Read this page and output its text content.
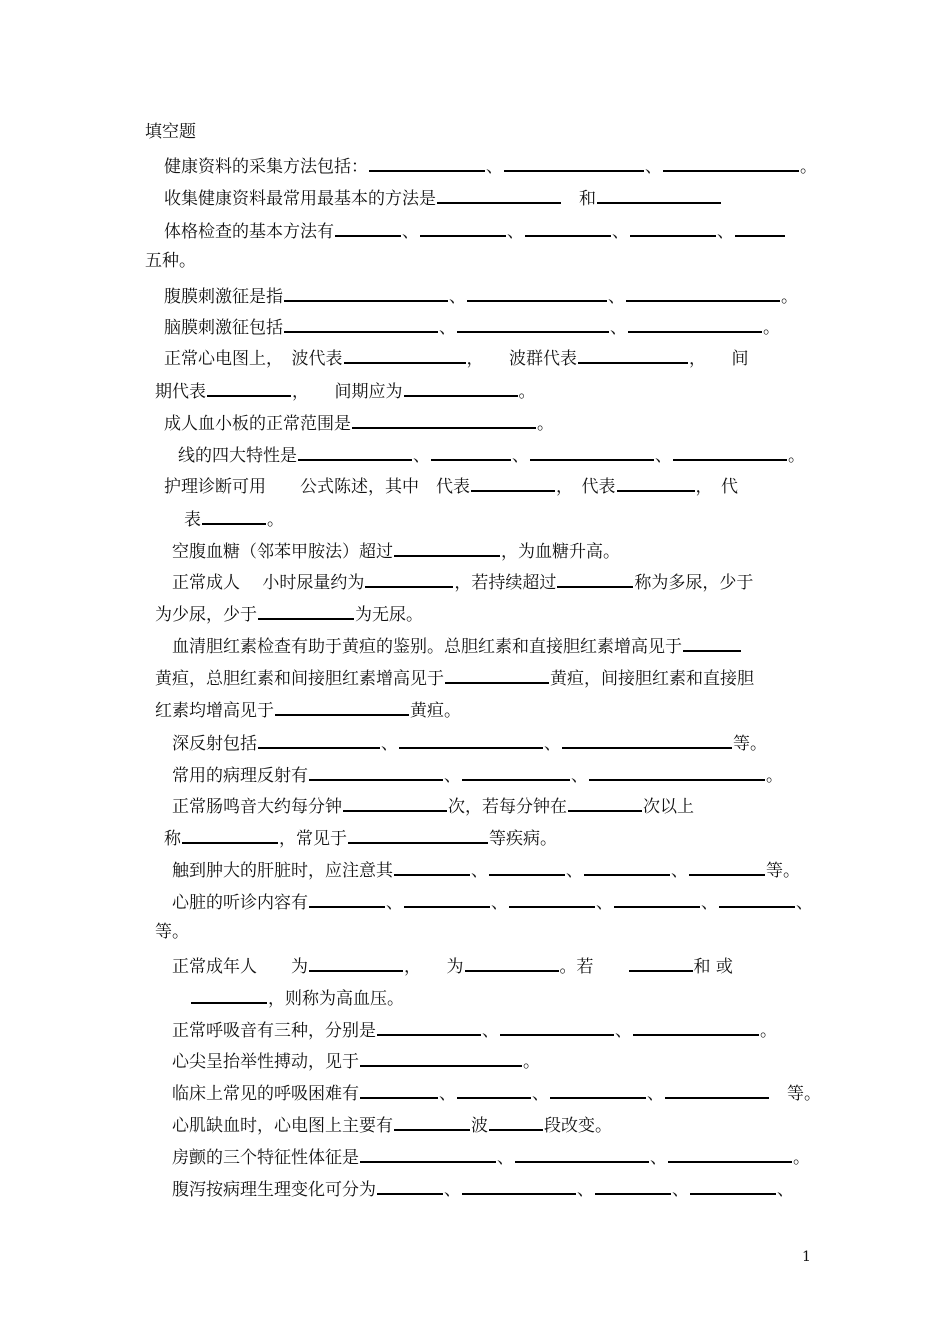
填空题
健康资料的采集方法包括：	、	、	。
收集健康资料最常用最基本的方法是	　和
体格检查的基本方法有	、	、	、	、
五种。
腹膜刺激征是指	、	、	。
脑膜刺激征包括	、	、	。
正常心电图上，　波代表	，　　波群代表	，　　间
期代表	，　　间期应为	。
成人血小板的正常范围是	。
线的四大特性是	、	、	、	。
护理诊断可用　　公式陈述，其中　代表	，　代表	，　代
表	。
空腹血糖（邻苯甲胺法）超过	，为血糖升高。
正常成人　 小时尿量约为	，若持续超过	称为多尿，少于
为少尿，少于	为无尿。
血清胆红素检查有助于黄疸的鉴别。总胆红素和直接胆红素增高见于
黄疸，总胆红素和间接胆红素增高见于	黄疸，间接胆红素和直接胆
红素均增高见于	黄疸。
深反射包括	、	、	等。
常用的病理反射有	、	、	。
正常肠鸣音大约每分钟	次，若每分钟在	次以上
称	，常见于	等疾病。
触到肿大的肝脏时，应注意其	、	、	、	等。
心脏的听诊内容有	、	、	、	、	、
等。
正常成年人　　为	，　　为	。若　　	和 或
，则称为高血压。
正常呼吸音有三种，分别是	、	、	。
心尖呈抬举性搏动，见于	。
临床上常见的呼吸困难有	、	、	、	　等。
心肌缺血时，心电图上主要有	波	段改变。
房颤的三个特征性体征是	、	、	。
腹泻按病理生理变化可分为	、	、	、	、
1
